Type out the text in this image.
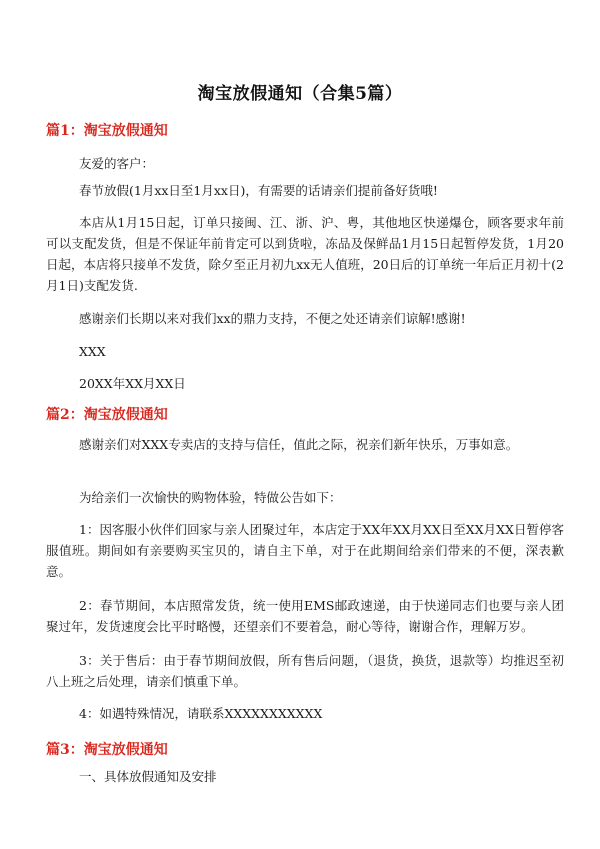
淘宝放假通知（合集5篇）
篇1：淘宝放假通知
友爱的客户：

春节放假(1月xx日至1月xx日)，有需要的话请亲们提前备好货哦!

本店从1月15日起，订单只接闽、江、浙、沪、粤，其他地区快递爆仓，顾客要求年前可以支配发货，但是不保证年前肯定可以到货啦，冻品及保鲜品1月15日起暂停发货，1月20日起，本店将只接单不发货，除夕至正月初九xx无人值班，20日后的订单统一年后正月初十(2月1日)支配发货.

感谢亲们长期以来对我们xx的鼎力支持，不便之处还请亲们谅解!感谢!

XXX
20XX年XX月XX日
篇2：淘宝放假通知

感谢亲们对XXX专卖店的支持与信任，值此之际，祝亲们新年快乐，万事如意。

为给亲们一次愉快的购物体验，特做公告如下：

1：因客服小伙伴们回家与亲人团聚过年，本店定于XX年XX月XX日至XX月XX日暂停客服值班。期间如有亲要购买宝贝的，请自主下单，对于在此期间给亲们带来的不便，深表歉意。

2：春节期间，本店照常发货，统一使用EMS邮政速递，由于快递同志们也要与亲人团聚过年，发货速度会比平时略慢，还望亲们不要着急，耐心等待，谢谢合作，理解万岁。

3：关于售后：由于春节期间放假，所有售后问题，（退货，换货，退款等）均推迟至初八上班之后处理，请亲们慎重下单。

4：如遇特殊情况，请联系XXXXXXXXXXX

篇3：淘宝放假通知

一、具体放假通知及安排
